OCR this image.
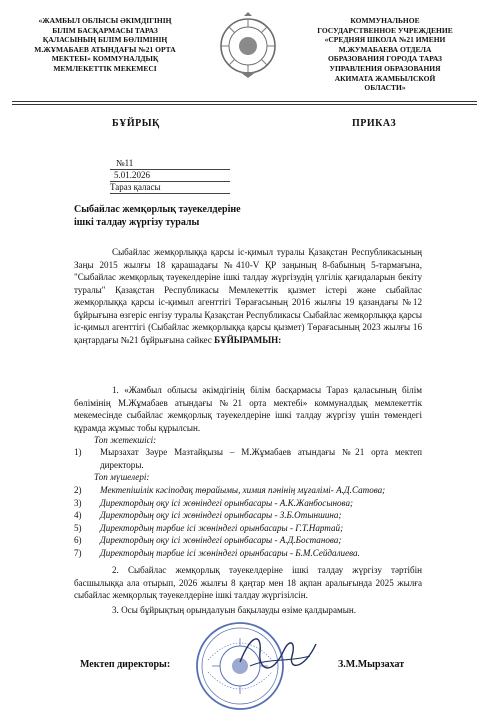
«ЖАМБЫЛ ОБЛЫСЫ ӘКІМДІГІНІҢ
БІЛІМ БАСҚАРМАСЫ ТАРАЗ
ҚАЛАСЫНЫҢ БІЛІМ БӨЛІМІНІҢ
М.ЖҰМАБАЕВ АТЫНДАҒЫ №21 ОРТА
МЕКТЕБІ» КОММУНАЛДЫҚ
МЕМЛЕКЕТТІК МЕКЕМЕСІ
КОММУНАЛЬНОЕ
ГОСУДАРСТВЕННОЕ УЧРЕЖДЕНИЕ
«СРЕДНЯЯ ШКОЛА №21 ИМЕНИ
М.ЖУМАБАЕВА ОТДЕЛА
ОБРАЗОВАНИЯ ГОРОДА ТАРАЗ
УПРАВЛЕНИЯ ОБРАЗОВАНИЯ
АКИМАТА ЖАМБЫЛСКОЙ
ОБЛАСТИ»
БҰЙРЫҚ	ПРИКАЗ
№11
5.01.2026
Тараз қаласы
Сыбайлас жемқорлық тәуекелдеріне
ішкі талдау жүргізу туралы
Сыбайлас жемқорлыққа қарсы іс-қимыл туралы Қазақстан Республикасының Заңы 2015 жылғы 18 қарашадағы №410-V ҚР заңының 8-бабының 5-тармағына, "Сыбайлас жемқорлық тәуекелдеріне ішкі талдау жүргізудің үлгілік қағидаларын бекіту туралы" Қазақстан Республикасы Мемлекеттік қызмет істері және сыбайлас жемқорлыққа қарсы іс-қимыл агенттігі Төрағасының 2016 жылғы 19 қазандағы №12 бұйрығына өзгеріс енгізу туралы Қазақстан Республикасы Сыбайлас жемқорлыққа қарсы іс-қимыл агенттігі (Сыбайлас жемқорлыққа қарсы қызмет) Төрағасының 2023 жылғы 16 қаңтардағы №21 бұйрығына сәйкес БҰЙЫРАМЫН:
1. «Жамбыл облысы әкімдігінің білім басқармасы Тараз қаласының білім бөлімінің М.Жұмабаев атындағы №21 орта мектебі» коммуналдық мемлекеттік мекемесінде сыбайлас жемқорлық тәуекелдеріне ішкі талдау жүргізу үшін төмендегі құрамда жұмыс тобы құрылсын.
Топ жетекшісі:
1)	Мырзахат Зәуре Мазтайқызы – М.Жұмабаев атындағы №21 орта мектеп директоры.
Топ мүшелері:
2)	Мектепішілік кәсіподақ төрайымы, химия пәнінің мұғалімі- А.Д.Сатова;
3)	Директордың оқу ісі жөніндегі орынбасары - А.К.Жанбосынова;
4)	Директордың оқу ісі жөніндегі орынбасары - З.Б.Отыншина;
5)	Директордың тәрбие ісі жөніндегі орынбасары - Г.Т.Нартай;
6)	Директордың оқу ісі жөніндегі орынбасары - А.Д.Бостанова;
7)	Директордың тәрбие ісі жөніндегі орынбасары - Б.М.Сейдалиева.
2. Сыбайлас жемқорлық тәуекелдеріне ішкі талдау жүргізу тәртібін басшылыққа ала отырып, 2026 жылғы 8 қаңтар мен 18 ақпан аралығында 2025 жылға сыбайлас жемқорлық тәуекелдеріне ішкі талдау жүргізілсін.
3. Осы бұйрықтың орындалуын бақылауды өзіме қалдырамын.
Мектеп директоры:	З.М.Мырзахат
